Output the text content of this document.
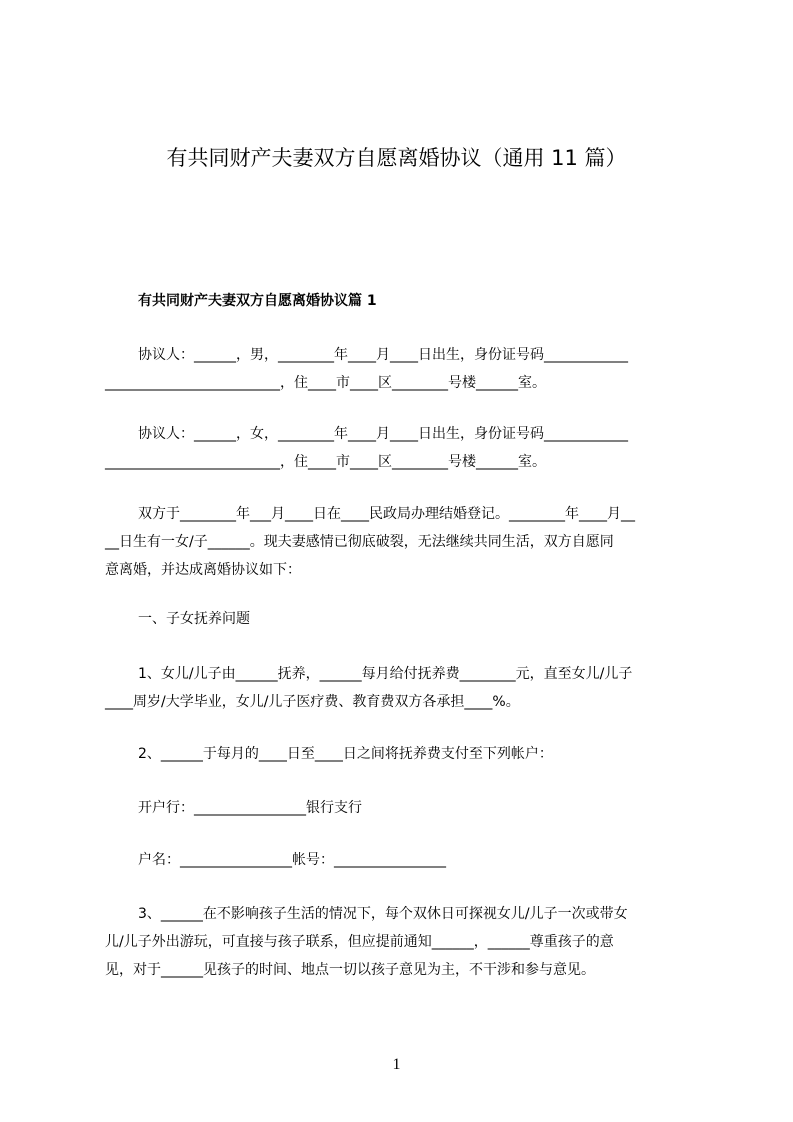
有共同财产夫妻双方自愿离婚协议（通用 11 篇）
有共同财产夫妻双方自愿离婚协议篇 1
协议人：______，男，________年____月____日出生，身份证号码____________
_________________________，住____市____区________号楼______室。
协议人：______，女，________年____月____日出生，身份证号码____________
_________________________，住____市____区________号楼______室。
双方于________年___月____日在____民政局办理结婚登记。________年____月__
__日生有一女/子______。现夫妻感情已彻底破裂，无法继续共同生活，双方自愿同
意离婚，并达成离婚协议如下：
一、子女抚养问题
1、女儿/儿子由______抚养，______每月给付抚养费________元，直至女儿/儿子
____周岁/大学毕业，女儿/儿子医疗费、教育费双方各承担____%。
2、______于每月的____日至____日之间将抚养费支付至下列帐户：
开户行：________________银行支行
户名：________________帐号：________________
3、______在不影响孩子生活的情况下，每个双休日可探视女儿/儿子一次或带女
儿/儿子外出游玩，可直接与孩子联系，但应提前通知______，______尊重孩子的意
见，对于______见孩子的时间、地点一切以孩子意见为主，不干涉和参与意见。
1
